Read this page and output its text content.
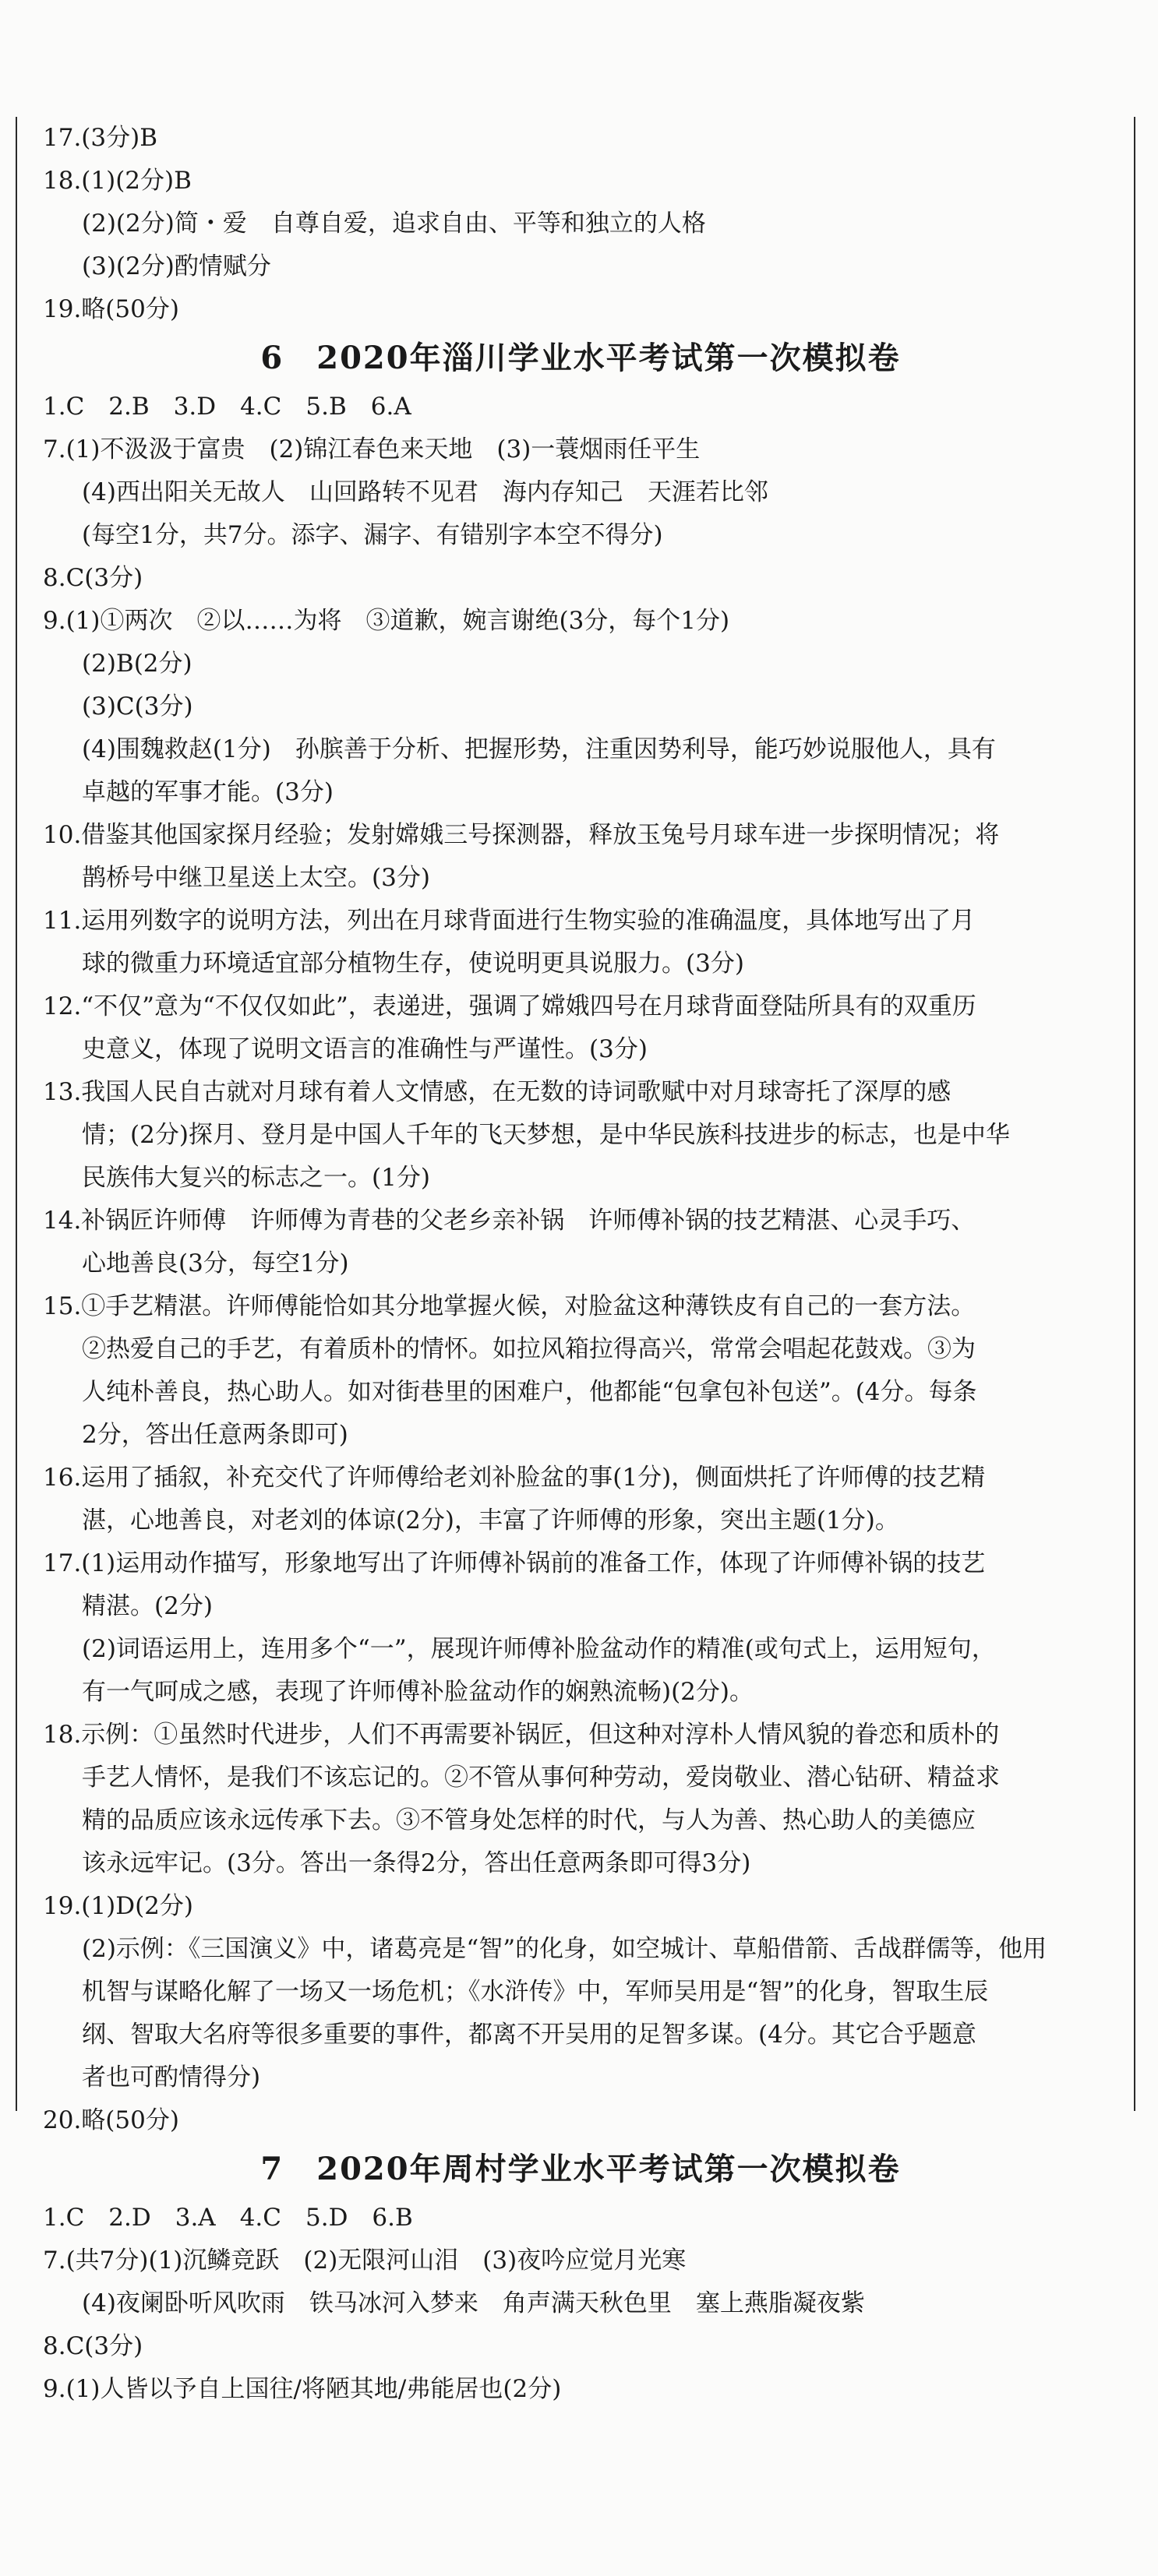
17.(3分)B
18.(1)(2分)B
(2)(2分)简・爱　自尊自爱，追求自由、平等和独立的人格
(3)(2分)酌情赋分
19.略(50分)
6　2020年淄川学业水平考试第一次模拟卷
1.C　2.B　3.D　4.C　5.B　6.A
7.(1)不汲汲于富贵　(2)锦江春色来天地　(3)一蓑烟雨任平生
(4)西出阳关无故人　山回路转不见君　海内存知己　天涯若比邻
(每空1分，共7分。添字、漏字、有错别字本空不得分)
8.C(3分)
9.(1)①两次　②以……为将　③道歉，婉言谢绝(3分，每个1分)
(2)B(2分)
(3)C(3分)
(4)围魏救赵(1分)　孙膑善于分析、把握形势，注重因势利导，能巧妙说服他人，具有
卓越的军事才能。(3分)
10.借鉴其他国家探月经验；发射嫦娥三号探测器，释放玉兔号月球车进一步探明情况；将
鹊桥号中继卫星送上太空。(3分)
11.运用列数字的说明方法，列出在月球背面进行生物实验的准确温度，具体地写出了月
球的微重力环境适宜部分植物生存，使说明更具说服力。(3分)
12.“不仅”意为“不仅仅如此”，表递进，强调了嫦娥四号在月球背面登陆所具有的双重历
史意义，体现了说明文语言的准确性与严谨性。(3分)
13.我国人民自古就对月球有着人文情感，在无数的诗词歌赋中对月球寄托了深厚的感
情；(2分)探月、登月是中国人千年的飞天梦想，是中华民族科技进步的标志，也是中华
民族伟大复兴的标志之一。(1分)
14.补锅匠许师傅　许师傅为青巷的父老乡亲补锅　许师傅补锅的技艺精湛、心灵手巧、
心地善良(3分，每空1分)
15.①手艺精湛。许师傅能恰如其分地掌握火候，对脸盆这种薄铁皮有自己的一套方法。
②热爱自己的手艺，有着质朴的情怀。如拉风箱拉得高兴，常常会唱起花鼓戏。③为
人纯朴善良，热心助人。如对街巷里的困难户，他都能“包拿包补包送”。(4分。每条
2分，答出任意两条即可)
16.运用了插叙，补充交代了许师傅给老刘补脸盆的事(1分)，侧面烘托了许师傅的技艺精
湛，心地善良，对老刘的体谅(2分)，丰富了许师傅的形象，突出主题(1分)。
17.(1)运用动作描写，形象地写出了许师傅补锅前的准备工作，体现了许师傅补锅的技艺
精湛。(2分)
(2)词语运用上，连用多个“一”，展现许师傅补脸盆动作的精准(或句式上，运用短句，
有一气呵成之感，表现了许师傅补脸盆动作的娴熟流畅)(2分)。
18.示例：①虽然时代进步，人们不再需要补锅匠，但这种对淳朴人情风貌的眷恋和质朴的
手艺人情怀，是我们不该忘记的。②不管从事何种劳动，爱岗敬业、潜心钻研、精益求
精的品质应该永远传承下去。③不管身处怎样的时代，与人为善、热心助人的美德应
该永远牢记。(3分。答出一条得2分，答出任意两条即可得3分)
19.(1)D(2分)
(2)示例：《三国演义》中，诸葛亮是“智”的化身，如空城计、草船借箭、舌战群儒等，他用
机智与谋略化解了一场又一场危机；《水浒传》中，军师吴用是“智”的化身，智取生辰
纲、智取大名府等很多重要的事件，都离不开吴用的足智多谋。(4分。其它合乎题意
者也可酌情得分)
20.略(50分)
7　2020年周村学业水平考试第一次模拟卷
1.C　2.D　3.A　4.C　5.D　6.B
7.(共7分)(1)沉鳞竞跃　(2)无限河山泪　(3)夜吟应觉月光寒
(4)夜阑卧听风吹雨　铁马冰河入梦来　角声满天秋色里　塞上燕脂凝夜紫
8.C(3分)
9.(1)人皆以予自上国往/将陋其地/弗能居也(2分)
